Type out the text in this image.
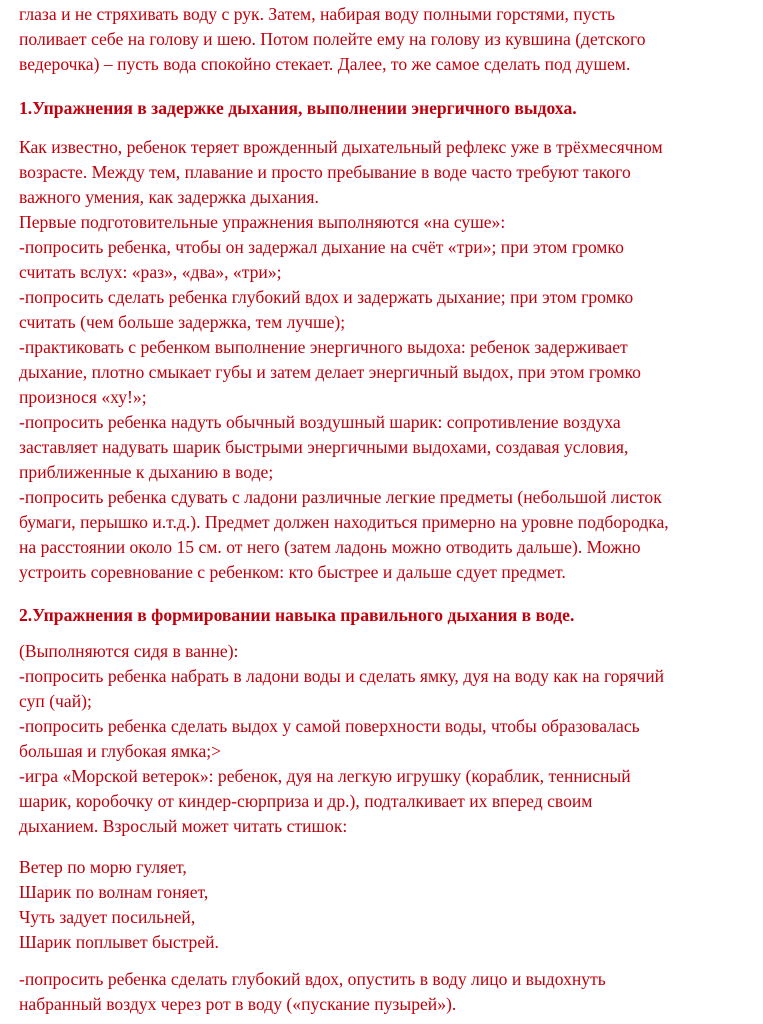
глаза и не стряхивать воду с рук. Затем, набирая воду полными горстями, пусть
поливает себе на голову и шею. Потом полейте ему на голову из кувшина (детского
ведерочка) – пусть вода спокойно стекает. Далее, то же самое сделать под душем.

1.Упражнения в задержке дыхания, выполнении энергичного выдоха.

Как известно, ребенок теряет врожденный дыхательный рефлекс уже в трёхмесячном
возрасте. Между тем, плавание и просто пребывание в воде часто требуют такого
важного умения, как задержка дыхания.
Первые подготовительные упражнения выполняются «на суше»:
-попросить ребенка, чтобы он задержал дыхание на счёт «три»; при этом громко
считать вслух: «раз», «два», «три»;
-попросить сделать ребенка глубокий вдох и задержать дыхание; при этом громко
считать (чем больше задержка, тем лучше);
-практиковать с ребенком выполнение энергичного выдоха: ребенок задерживает
дыхание, плотно смыкает губы и затем делает энергичный выдох, при этом громко
произнося «ху!»;
-попросить ребенка надуть обычный воздушный шарик: сопротивление воздуха
заставляет надувать шарик быстрыми энергичными выдохами, создавая условия,
приближенные к дыханию в воде;
-попросить ребенка сдувать с ладони различные легкие предметы (небольшой листок
бумаги, перышко и.т.д.). Предмет должен находиться примерно на уровне подбородка,
на расстоянии около 15 см. от него (затем ладонь можно отводить дальше). Можно
устроить соревнование с ребенком: кто быстрее и дальше сдует предмет.

2.Упражнения в формировании навыка правильного дыхания в воде.

(Выполняются сидя в ванне):
-попросить ребенка набрать в ладони воды и сделать ямку, дуя на воду как на горячий
суп (чай);
-попросить ребенка сделать выдох у самой поверхности воды, чтобы образовалась
большая и глубокая ямка;>
-игра «Морской ветерок»: ребенок, дуя на легкую игрушку (кораблик, теннисный
шарик, коробочку от киндер-сюрприза и др.), подталкивает их вперед своим
дыханием. Взрослый может читать стишок:

Ветер по морю гуляет,
Шарик по волнам гоняет,
Чуть задует посильней,
Шарик поплывет быстрей.

-попросить ребенка сделать глубокий вдох, опустить в воду лицо и выдохнуть
набранный воздух через рот в воду («пускание пузырей»).
